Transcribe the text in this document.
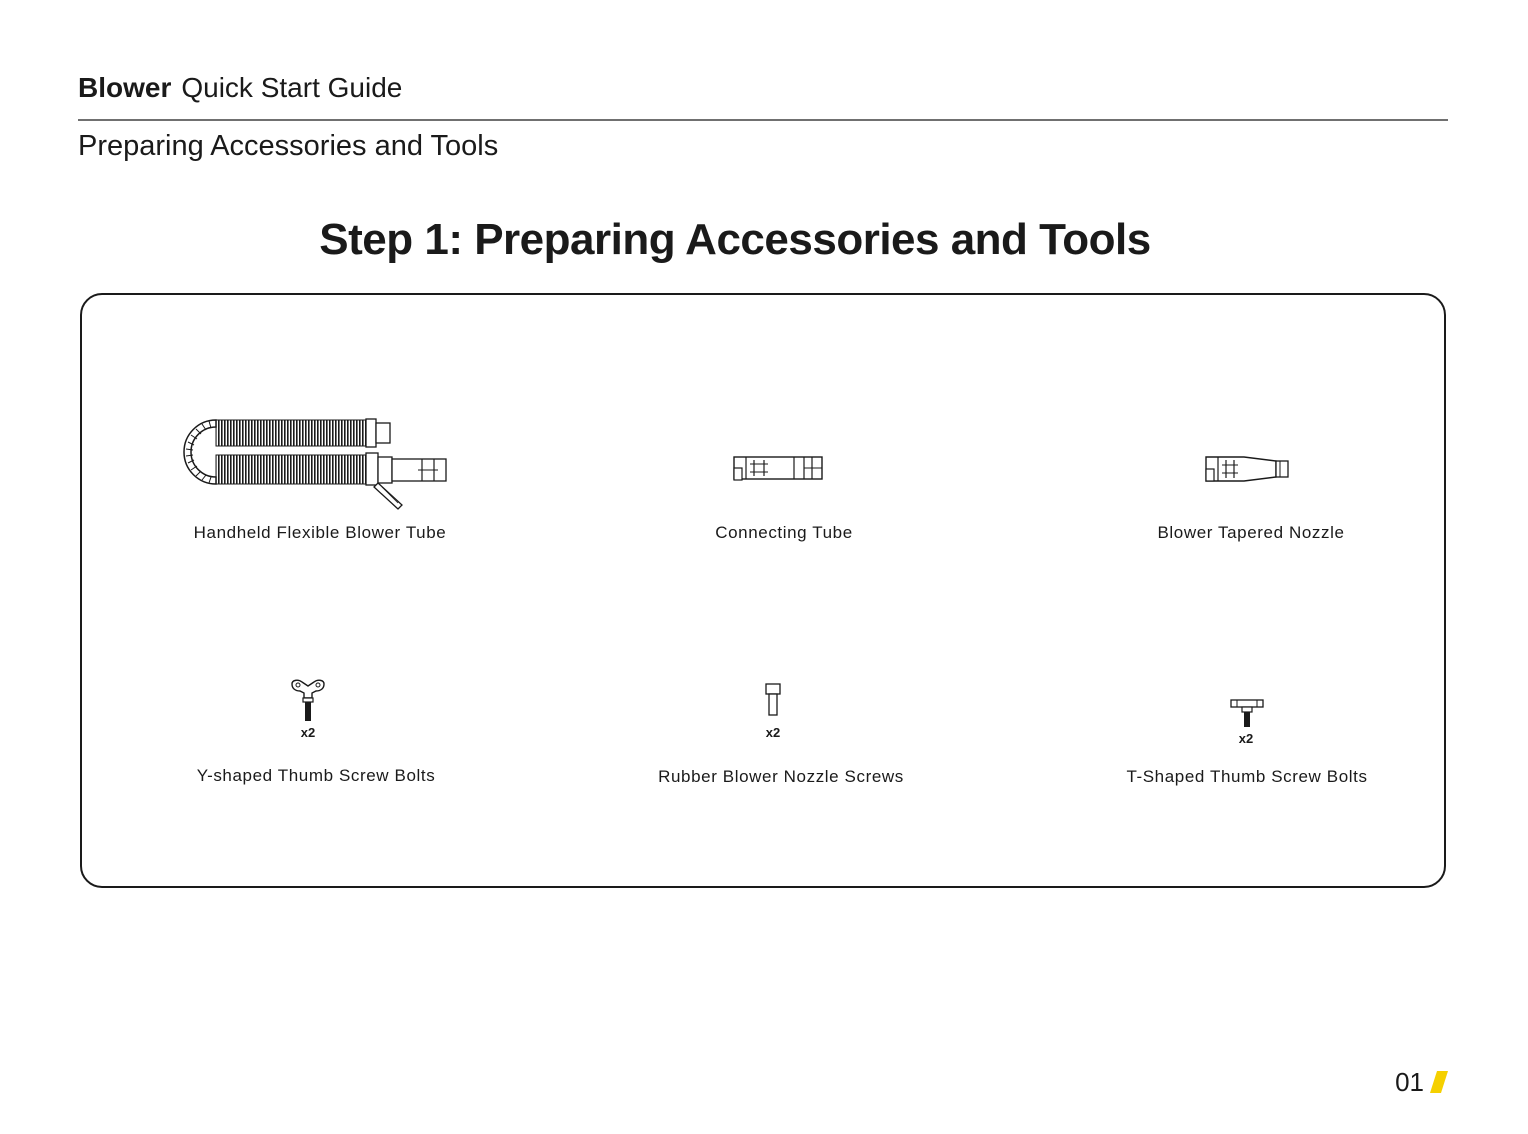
Blower Quick Start Guide
Preparing Accessories and Tools
Step 1: Preparing Accessories and Tools
Handheld Flexible Blower Tube	Connecting Tube	Blower Tapered Nozzle
x2
Y-shaped Thumb Screw Bolts
x2
Rubber Blower Nozzle Screws
x2
T-Shaped Thumb Screw Bolts
01
